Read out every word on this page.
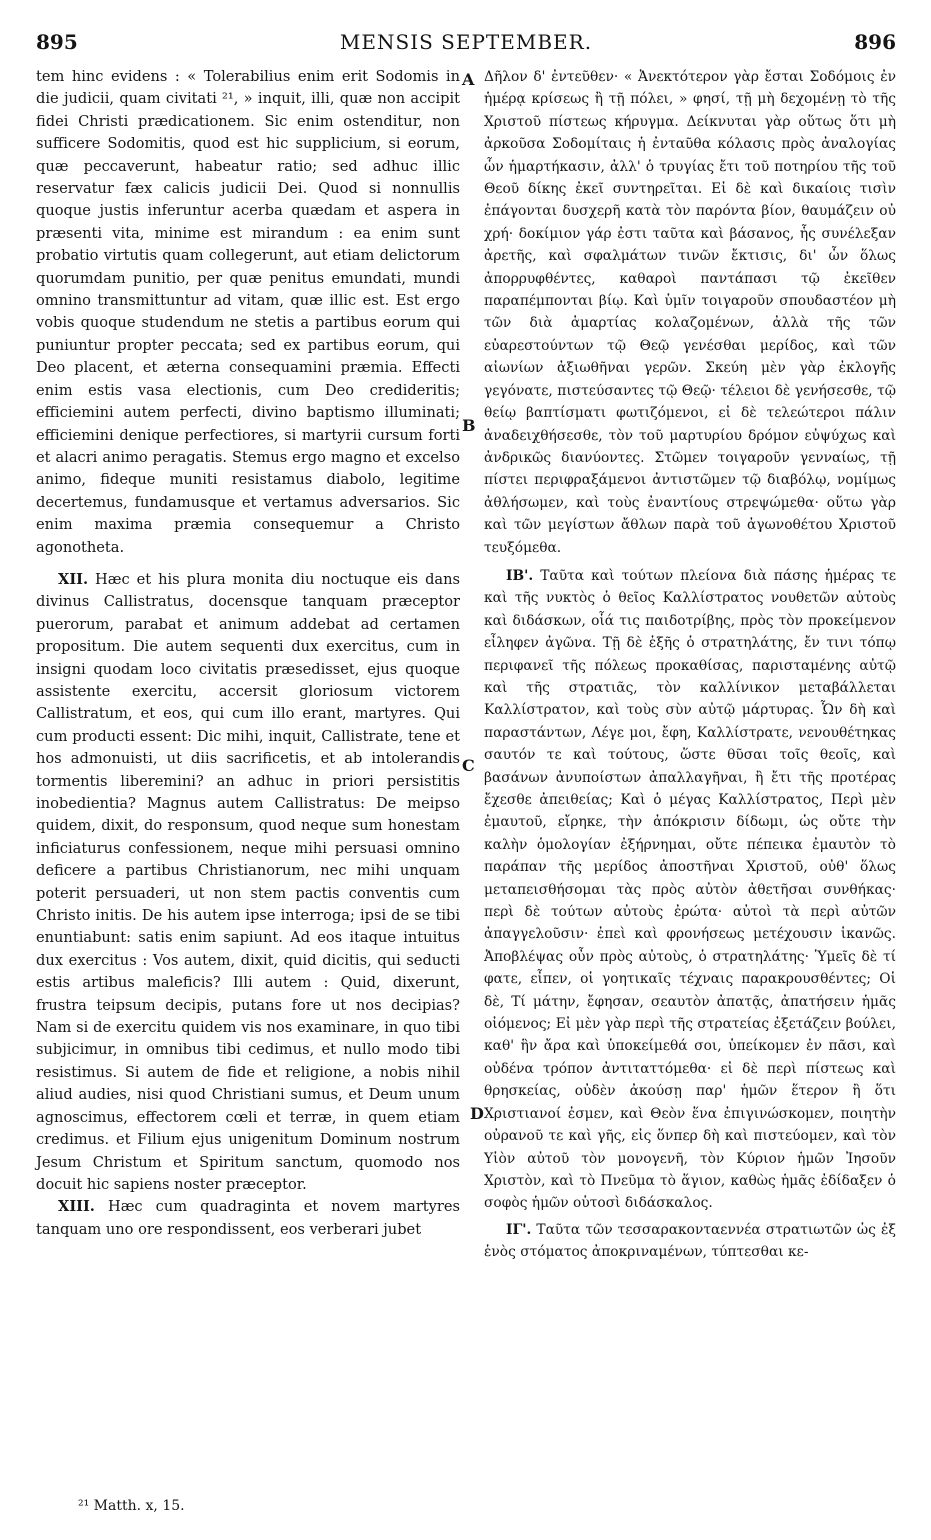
895	MENSIS SEPTEMBER.	896

tem hinc evidens : « Tolerabilius enim erit Sodomis in die judicii, quam civitati ²¹, » inquit, illi, quæ non accipit fidei Christi prædicationem. Sic enim ostenditur, non sufficere Sodomitis, quod est hic supplicium, si eorum, quæ peccaverunt, habeatur ratio; sed adhuc illic reservatur fæx calicis judicii Dei. Quod si nonnullis quoque justis inferuntur acerba quædam et aspera in præsenti vita, minime est mirandum : ea enim sunt probatio virtutis quam collegerunt, aut etiam delictorum quorumdam punitio, per quæ penitus emundati, mundi omnino transmittuntur ad vitam, quæ illic est. Est ergo vobis quoque studendum ne stetis a partibus eorum qui puniuntur propter peccata; sed ex partibus eorum, qui Deo placent, et æterna consequamini præmia. Effecti enim estis vasa electionis, cum Deo credideritis; efficiemini autem perfecti, divino baptismo illuminati; efficiemini denique perfectiores, si martyrii cursum forti et alacri animo peragatis. Stemus ergo magno et excelso animo, fideque muniti resistamus diabolo, legitime decertemus, fundamusque et vertamus adversarios. Sic enim maxima præmia consequemur a Christo agonotheta.

XII. Hæc et his plura monita diu noctuque eis dans divinus Callistratus, docensque tanquam præceptor puerorum, parabat et animum addebat ad certamen propositum. Die autem sequenti dux exercitus, cum in insigni quodam loco civitatis præsedisset, ejus quoque assistente exercitu, accersit gloriosum victorem Callistratum, et eos, qui cum illo erant, martyres. Qui cum producti essent: Dic mihi, inquit, Callistrate, tene et hos admonuisti, ut diis sacrificetis, et ab intolerandis tormentis liberemini? an adhuc in priori persistitis inobedientia? Magnus autem Callistratus: De meipso quidem, dixit, do responsum, quod neque sum honestam inficiaturus confessionem, neque mihi persuasi omnino deficere a partibus Christianorum, nec mihi unquam poterit persuaderi, ut non stem pactis conventis cum Christo initis. De his autem ipse interroga; ipsi de se tibi enuntiabunt: satis enim sapiunt. Ad eos itaque intuitus dux exercitus : Vos autem, dixit, quid dicitis, qui seducti estis artibus maleficis? Illi autem : Quid, dixerunt, frustra teipsum decipis, putans fore ut nos decipias? Nam si de exercitu quidem vis nos examinare, in quo tibi subjicimur, in omnibus tibi cedimus, et nullo modo tibi resistimus. Si autem de fide et religione, a nobis nihil aliud audies, nisi quod Christiani sumus, et Deum unum agnoscimus, effectorem cœli et terræ, in quem etiam credimus. et Filium ejus unigenitum Dominum nostrum Jesum Christum et Spiritum sanctum, quomodo nos docuit hic sapiens noster præceptor.

XIII. Hæc cum quadraginta et novem martyres tanquam uno ore respondissent, eos verberari jubet

A
B
C
D

Δῆλον δ' ἐντεῦθεν· « Ἀνεκτότερον γὰρ ἔσται Σοδόμοις ἐν ἡμέρᾳ κρίσεως ἢ τῇ πόλει, » φησί, τῇ μὴ δεχομένῃ τὸ τῆς Χριστοῦ πίστεως κήρυγμα. Δείκνυται γὰρ οὕτως ὅτι μὴ ἀρκοῦσα Σοδομίταις ἡ ἐνταῦθα κόλασις πρὸς ἀναλογίας ὧν ἡμαρτήκασιν, ἀλλ' ὁ τρυγίας ἔτι τοῦ ποτηρίου τῆς τοῦ Θεοῦ δίκης ἐκεῖ συντηρεῖται. Εἰ δὲ καὶ δικαίοις τισὶν ἐπάγονται δυσχερῆ κατὰ τὸν παρόντα βίον, θαυμάζειν οὐ χρή· δοκίμιον γάρ ἐστι ταῦτα καὶ βάσανος, ἧς συνέλεξαν ἀρετῆς, καὶ σφαλμάτων τινῶν ἔκτισις, δι' ὧν ὅλως ἀπορρυφθέντες, καθαροὶ παντάπασι τῷ ἐκεῖθεν παραπέμπονται βίῳ. Καὶ ὑμῖν τοιγαροῦν σπουδαστέον μὴ τῶν διὰ ἁμαρτίας κολαζομένων, ἀλλὰ τῆς τῶν εὐαρεστούντων τῷ Θεῷ γενέσθαι μερίδος, καὶ τῶν αἰωνίων ἀξιωθῆναι γερῶν. Σκεύη μὲν γὰρ ἐκλογῆς γεγόνατε, πιστεύσαντες τῷ Θεῷ· τέλειοι δὲ γενήσεσθε, τῷ θείῳ βαπτίσματι φωτιζόμενοι, εἰ δὲ τελεώτεροι πάλιν ἀναδειχθήσεσθε, τὸν τοῦ μαρτυρίου δρόμον εὐψύχως καὶ ἀνδρικῶς διανύοντες. Στῶμεν τοιγαροῦν γενναίως, τῇ πίστει περιφραξάμενοι ἀντιστῶμεν τῷ διαβόλῳ, νομίμως ἀθλήσωμεν, καὶ τοὺς ἐναντίους στρεψώμεθα· οὕτω γὰρ καὶ τῶν μεγίστων ἄθλων παρὰ τοῦ ἀγωνοθέτου Χριστοῦ τευξόμεθα.

ΙΒ'. Ταῦτα καὶ τούτων πλείονα διὰ πάσης ἡμέρας τε καὶ τῆς νυκτὸς ὁ θεῖος Καλλίστρατος νουθετῶν αὐτοὺς καὶ διδάσκων, οἷά τις παιδοτρίβης, πρὸς τὸν προκείμενον εἶληφεν ἀγῶνα. Τῇ δὲ ἑξῆς ὁ στρατηλάτης, ἔν τινι τόπῳ περιφανεῖ τῆς πόλεως προκαθίσας, παρισταμένης αὐτῷ καὶ τῆς στρατιᾶς, τὸν καλλίνικον μεταβάλλεται Καλλίστρατον, καὶ τοὺς σὺν αὐτῷ μάρτυρας. Ὧν δὴ καὶ παραστάντων, Λέγε μοι, ἔφη, Καλλίστρατε, νενουθέτηκας σαυτόν τε καὶ τούτους, ὥστε θῦσαι τοῖς θεοῖς, καὶ βασάνων ἀνυποίστων ἀπαλλαγῆναι, ἢ ἔτι τῆς προτέρας ἔχεσθε ἀπειθείας; Καὶ ὁ μέγας Καλλίστρατος, Περὶ μὲν ἐμαυτοῦ, εἴρηκε, τὴν ἀπόκρισιν δίδωμι, ὡς οὔτε τὴν καλὴν ὁμολογίαν ἐξήρνημαι, οὔτε πέπεικα ἐμαυτὸν τὸ παράπαν τῆς μερίδος ἀποστῆναι Χριστοῦ, οὐθ' ὅλως μεταπεισθήσομαι τὰς πρὸς αὐτὸν ἀθετῆσαι συνθήκας· περὶ δὲ τούτων αὐτοὺς ἐρώτα· αὐτοὶ τὰ περὶ αὐτῶν ἀπαγγελοῦσιν· ἐπεὶ καὶ φρονήσεως μετέχουσιν ἱκανῶς. Ἀποβλέψας οὖν πρὸς αὐτοὺς, ὁ στρατηλάτης· Ὑμεῖς δὲ τί φατε, εἶπεν, οἱ γοητικαῖς τέχναις παρακρουσθέντες; Οἱ δὲ, Τί μάτην, ἔφησαν, σεαυτὸν ἀπατᾷς, ἀπατήσειν ἡμᾶς οἰόμενος; Εἰ μὲν γὰρ περὶ τῆς στρατείας ἐξετάζειν βούλει, καθ' ἣν ἄρα καὶ ὑποκείμεθά σοι, ὑπείκομεν ἐν πᾶσι, καὶ οὐδένα τρόπον ἀντιταττόμεθα· εἰ δὲ περὶ πίστεως καὶ θρησκείας, οὐδὲν ἀκούσῃ παρ' ἡμῶν ἕτερον ἢ ὅτι Χριστιανοί ἐσμεν, καὶ Θεὸν ἕνα ἐπιγινώσκομεν, ποιητὴν οὐρανοῦ τε καὶ γῆς, εἰς ὅνπερ δὴ καὶ πιστεύομεν, καὶ τὸν Υἱὸν αὐτοῦ τὸν μονογενῆ, τὸν Κύριον ἡμῶν Ἰησοῦν Χριστὸν, καὶ τὸ Πνεῦμα τὸ ἅγιον, καθὼς ἡμᾶς ἐδίδαξεν ὁ σοφὸς ἡμῶν οὑτοσὶ διδάσκαλος.

ΙΓ'. Ταῦτα τῶν τεσσαρακονταεννέα στρατιωτῶν ὡς ἐξ ἑνὸς στόματος ἀποκριναμένων, τύπτεσθαι κε-

²¹ Matth. x, 15.
